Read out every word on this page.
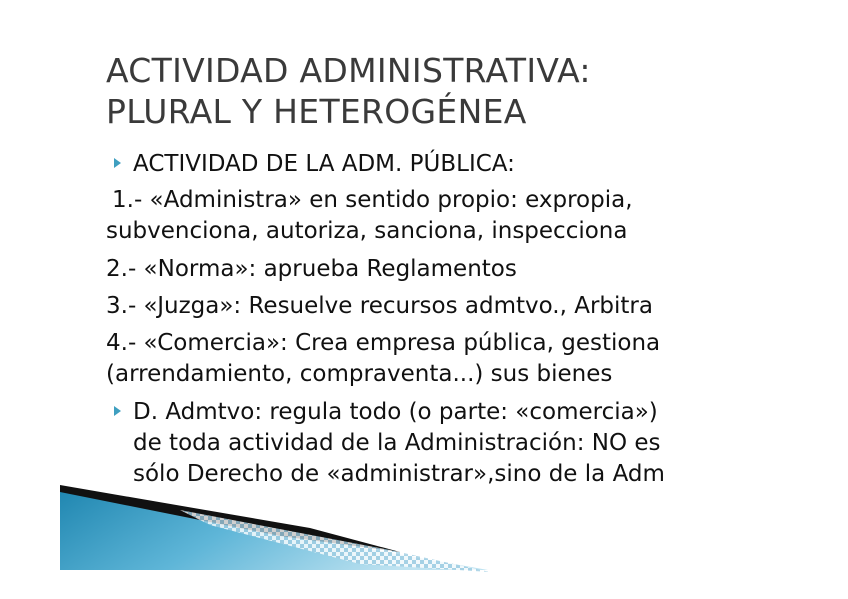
ACTIVIDAD ADMINISTRATIVA:
PLURAL Y HETEROGÉNEA
ACTIVIDAD DE LA ADM. PÚBLICA:
1.- «Administra» en sentido propio: expropia,
subvenciona, autoriza, sanciona, inspecciona
2.- «Norma»: aprueba Reglamentos
3.- «Juzga»: Resuelve recursos admtvo., Arbitra
4.- «Comercia»: Crea empresa pública, gestiona
(arrendamiento, compraventa...) sus bienes
D. Admtvo: regula todo (o parte: «comercia»)
de toda actividad de la Administración: NO es
sólo Derecho de «administrar»,sino de la Adm
